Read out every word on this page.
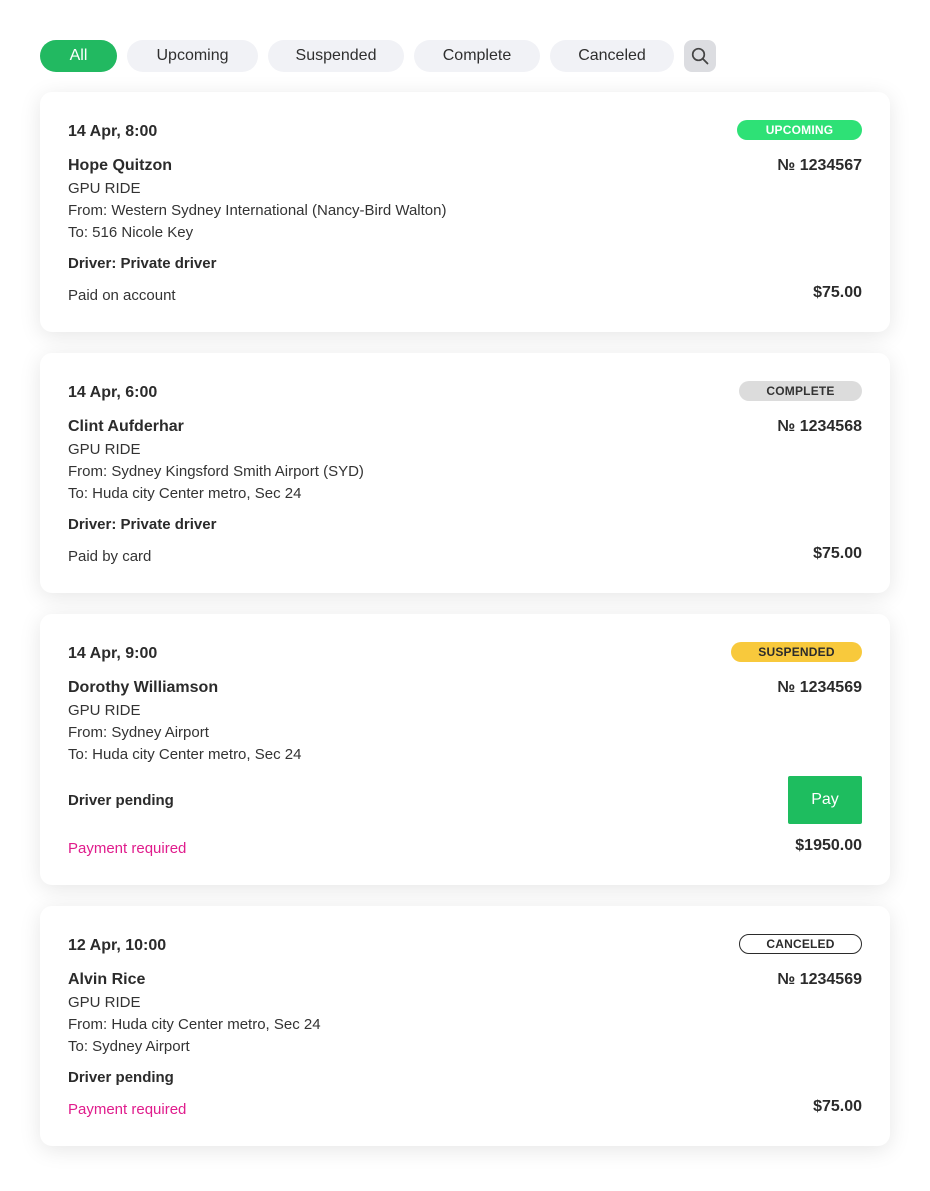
All	Upcoming	Suspended	Complete	Canceled
14 Apr, 8:00	UPCOMING
Hope Quitzon	№ 1234567
GPU RIDE
From: Western Sydney International (Nancy-Bird Walton)
To: 516 Nicole Key
Driver: Private driver
Paid on account	$75.00
14 Apr, 6:00	COMPLETE
Clint Aufderhar	№ 1234568
GPU RIDE
From: Sydney Kingsford Smith Airport (SYD)
To: Huda city Center metro, Sec 24
Driver: Private driver
Paid by card	$75.00
14 Apr, 9:00	SUSPENDED
Dorothy Williamson	№ 1234569
GPU RIDE
From: Sydney Airport
To: Huda city Center metro, Sec 24
Driver pending	Pay
Payment required	$1950.00
12 Apr, 10:00	CANCELED
Alvin Rice	№ 1234569
GPU RIDE
From: Huda city Center metro, Sec 24
To: Sydney Airport
Driver pending
Payment required	$75.00
